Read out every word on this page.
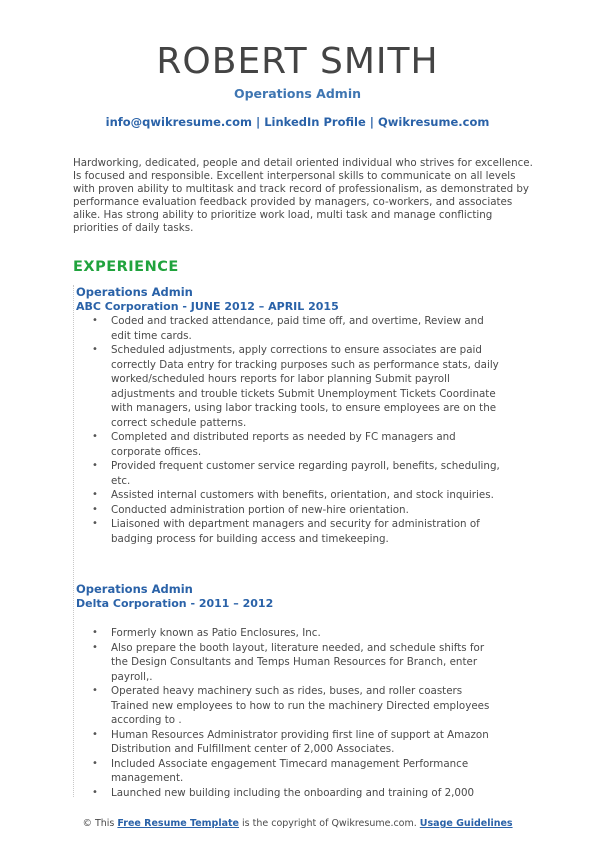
ROBERT SMITH
Operations Admin
info@qwikresume.com | LinkedIn Profile | Qwikresume.com
Hardworking, dedicated, people and detail oriented individual who strives for excellence. Is focused and responsible. Excellent interpersonal skills to communicate on all levels with proven ability to multitask and track record of professionalism, as demonstrated by performance evaluation feedback provided by managers, co-workers, and associates alike. Has strong ability to prioritize work load, multi task and manage conflicting priorities of daily tasks.
EXPERIENCE
Operations Admin
ABC Corporation - JUNE 2012 – APRIL 2015
• Coded and tracked attendance, paid time off, and overtime, Review and edit time cards.
• Scheduled adjustments, apply corrections to ensure associates are paid correctly Data entry for tracking purposes such as performance stats, daily worked/scheduled hours reports for labor planning Submit payroll adjustments and trouble tickets Submit Unemployment Tickets Coordinate with managers, using labor tracking tools, to ensure employees are on the correct schedule patterns.
• Completed and distributed reports as needed by FC managers and corporate offices.
• Provided frequent customer service regarding payroll, benefits, scheduling, etc.
• Assisted internal customers with benefits, orientation, and stock inquiries.
• Conducted administration portion of new-hire orientation.
• Liaisoned with department managers and security for administration of badging process for building access and timekeeping.
Operations Admin
Delta Corporation - 2011 – 2012
• Formerly known as Patio Enclosures, Inc.
• Also prepare the booth layout, literature needed, and schedule shifts for the Design Consultants and Temps Human Resources for Branch, enter payroll,.
• Operated heavy machinery such as rides, buses, and roller coasters Trained new employees to how to run the machinery Directed employees according to .
• Human Resources Administrator providing first line of support at Amazon Distribution and Fulfillment center of 2,000 Associates.
• Included Associate engagement Timecard management Performance management.
• Launched new building including the onboarding and training of 2,000
© This Free Resume Template is the copyright of Qwikresume.com. Usage Guidelines
